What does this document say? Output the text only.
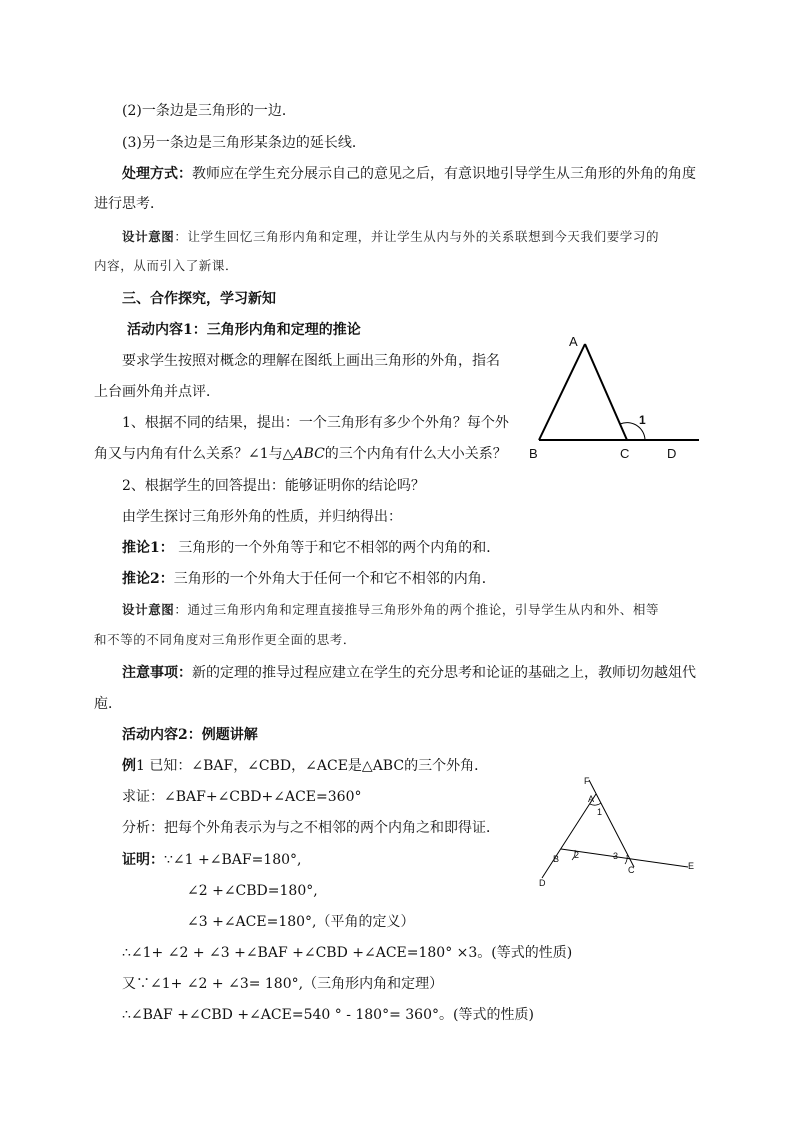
(2)一条边是三角形的一边．
(3)另一条边是三角形某条边的延长线．
处理方式：教师应在学生充分展示自己的意见之后，有意识地引导学生从三角形的外角的角度
进行思考．
设计意图：让学生回忆三角形内角和定理，并让学生从内与外的关系联想到今天我们要学习的
内容，从而引入了新课．
三、合作探究，学习新知
活动内容1：三角形内角和定理的推论
要求学生按照对概念的理解在图纸上画出三角形的外角，指名
上台画外角并点评．
1、根据不同的结果，提出：一个三角形有多少个外角？每个外
角又与内角有什么关系？∠1与△ABC的三个内角有什么大小关系？
2、根据学生的回答提出：能够证明你的结论吗？
由学生探讨三角形外角的性质，并归纳得出：
推论1： 三角形的一个外角等于和它不相邻的两个内角的和．
推论2：三角形的一个外角大于任何一个和它不相邻的内角．
设计意图：通过三角形内角和定理直接推导三角形外角的两个推论，引导学生从内和外、相等
和不等的不同角度对三角形作更全面的思考．
注意事项：新的定理的推导过程应建立在学生的充分思考和论证的基础之上，教师切勿越俎代
庖．
活动内容2：例题讲解
例1 已知：∠BAF，∠CBD，∠ACE是△ABC的三个外角．
求证：∠BAF+∠CBD+∠ACE=360°
分析：把每个外角表示为与之不相邻的两个内角之和即得证．
证明：∵∠1 +∠BAF=180°,
∠2 +∠CBD=180°,
∠3 +∠ACE=180°,（平角的定义）
∴∠1+ ∠2 + ∠3 +∠BAF +∠CBD +∠ACE=180° ×3。(等式的性质)
又∵∠1+ ∠2 + ∠3= 180°,（三角形内角和定理）
∴∠BAF +∠CBD +∠ACE=540 ° - 180°= 360°。(等式的性质)
A
B	C	D
1
F
A
1
B 2	3
C	E
D
